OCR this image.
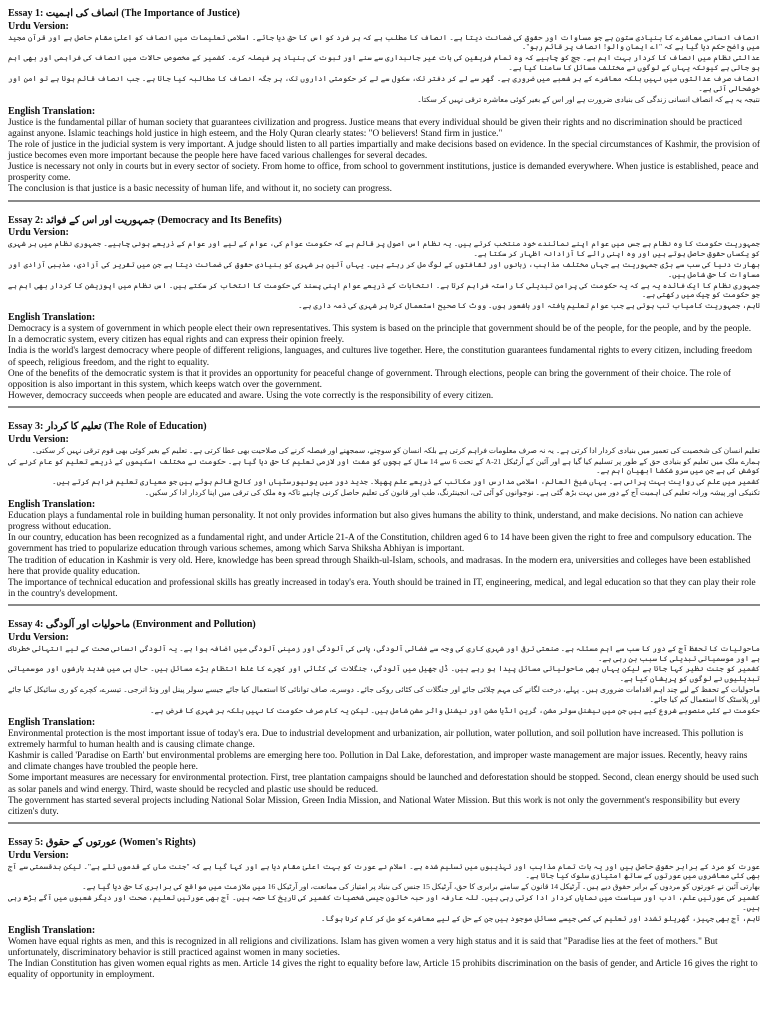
Essay 1: انصاف کی اہمیت (The Importance of Justice)
Urdu Version:

انصاف انسانی معاشرے کا بنیادی ستون ہے جو مساوات اور حقوق کی ضمانت دیتا ہے۔ انصاف کا مطلب ہے کہ ہر فرد کو اس کا حق دیا جائے۔ اسلامی تعلیمات میں انصاف کو اعلیٰ مقام حاصل ہے اور قرآن مجید میں واضح حکم دیا گیا ہے کہ "اے ایمان والو! انصاف پر قائم رہو"۔

عدالتی نظام میں انصاف کا کردار بہت اہم ہے۔ جج کو چاہیے کہ وہ تمام فریقین کی بات غیر جانبداری سے سنے اور ثبوت کی بنیاد پر فیصلہ کرے۔ کشمیر کے مخصوص حالات میں انصاف کی فراہمی اور بھی اہم ہو جاتی ہے کیونکہ یہاں کے لوگوں نے مختلف مسائل کا سامنا کیا ہے۔

انصاف صرف عدالتوں میں نہیں بلکہ معاشرے کے ہر شعبے میں ضروری ہے۔ گھر سے لے کر دفتر تک، سکول سے لے کر حکومتی اداروں تک، ہر جگہ انصاف کا مطالبہ کیا جاتا ہے۔ جب انصاف قائم ہوتا ہے تو امن اور خوشحالی آتی ہے۔

نتیجہ یہ ہے کہ انصاف انسانی زندگی کی بنیادی ضرورت ہے اور اس کے بغیر کوئی معاشرہ ترقی نہیں کر سکتا۔

English Translation:

Justice is the fundamental pillar of human society that guarantees civilization and progress. Justice means that every individual should be given their rights and no discrimination should be practiced against anyone. Islamic teachings hold justice in high esteem, and the Holy Quran clearly states: "O believers! Stand firm in justice."

The role of justice in the judicial system is very important. A judge should listen to all parties impartially and make decisions based on evidence. In the special circumstances of Kashmir, the provision of justice becomes even more important because the people here have faced various challenges for several decades.

Justice is necessary not only in courts but in every sector of society. From home to office, from school to government institutions, justice is demanded everywhere. When justice is established, peace and prosperity come.

The conclusion is that justice is a basic necessity of human life, and without it, no society can progress.

Essay 2: جمہوریت اور اس کے فوائد (Democracy and Its Benefits)
Urdu Version:

جمہوریت حکومت کا وہ نظام ہے جس میں عوام اپنے نمائندے خود منتخب کرتے ہیں۔ یہ نظام اس اصول پر قائم ہے کہ حکومت عوام کی، عوام کے لیے اور عوام کے ذریعے ہونی چاہیے۔ جمہوری نظام میں ہر شہری کو یکساں حقوق حاصل ہوتے ہیں اور وہ اپنی رائے کا آزادانہ اظہار کر سکتا ہے۔

بھارت دنیا کی سب سے بڑی جمہوریت ہے جہاں مختلف مذاہب، زبانوں اور ثقافتوں کے لوگ مل کر رہتے ہیں۔ یہاں آئین ہر شہری کو بنیادی حقوق کی ضمانت دیتا ہے جن میں تقریر کی آزادی، مذہبی آزادی اور مساوات کا حق شامل ہیں۔

جمہوری نظام کا ایک فائدہ یہ ہے کہ یہ حکومت کی پرامن تبدیلی کا راستہ فراہم کرتا ہے۔ انتخابات کے ذریعے عوام اپنی پسند کی حکومت کا انتخاب کر سکتے ہیں۔ اس نظام میں اپوزیشن کا کردار بھی اہم ہے جو حکومت کو چیک میں رکھتی ہے۔

تاہم، جمہوریت کامیاب تب ہوتی ہے جب عوام تعلیم یافتہ اور باشعور ہوں۔ ووٹ کا صحیح استعمال کرنا ہر شہری کی ذمہ داری ہے۔

English Translation:

Democracy is a system of government in which people elect their own representatives. This system is based on the principle that government should be of the people, for the people, and by the people. In a democratic system, every citizen has equal rights and can express their opinion freely.

India is the world's largest democracy where people of different religions, languages, and cultures live together. Here, the constitution guarantees fundamental rights to every citizen, including freedom of speech, religious freedom, and the right to equality.

One of the benefits of the democratic system is that it provides an opportunity for peaceful change of government. Through elections, people can bring the government of their choice. The role of opposition is also important in this system, which keeps watch over the government.

However, democracy succeeds when people are educated and aware. Using the vote correctly is the responsibility of every citizen.

Essay 3: تعلیم کا کردار (The Role of Education)
Urdu Version:

تعلیم انسان کی شخصیت کی تعمیر میں بنیادی کردار ادا کرتی ہے۔ یہ نہ صرف معلومات فراہم کرتی ہے بلکہ انسان کو سوچنے، سمجھنے اور فیصلہ کرنے کی صلاحیت بھی عطا کرتی ہے۔ تعلیم کے بغیر کوئی بھی قوم ترقی نہیں کر سکتی۔

ہمارے ملک میں تعلیم کو بنیادی حق کے طور پر تسلیم کیا گیا ہے اور آئین کے آرٹیکل 21-A کے تحت 6 سے 14 سال کے بچوں کو مفت اور لازمی تعلیم کا حق دیا گیا ہے۔ حکومت نے مختلف اسکیموں کے ذریعے تعلیم کو عام کرنے کی کوشش کی ہے جن میں سرو شکشا ابھیان اہم ہے۔

کشمیر میں علم کی روایت بہت پرانی ہے۔ یہاں شیخ العالم، اسلامی مدارس اور مکاتب کے ذریعے علم پھیلا۔ جدید دور میں یونیورسٹیاں اور کالج قائم ہوئے ہیں جو معیاری تعلیم فراہم کرتے ہیں۔

تکنیکی اور پیشہ ورانہ تعلیم کی اہمیت آج کے دور میں بہت بڑھ گئی ہے۔ نوجوانوں کو آئی ٹی، انجینئرنگ، طب اور قانون کی تعلیم حاصل کرنی چاہیے تاکہ وہ ملک کی ترقی میں اپنا کردار ادا کر سکیں۔

English Translation:

Education plays a fundamental role in building human personality. It not only provides information but also gives humans the ability to think, understand, and make decisions. No nation can achieve progress without education.

In our country, education has been recognized as a fundamental right, and under Article 21-A of the Constitution, children aged 6 to 14 have been given the right to free and compulsory education. The government has tried to popularize education through various schemes, among which Sarva Shiksha Abhiyan is important.

The tradition of education in Kashmir is very old. Here, knowledge has been spread through Shaikh-ul-Islam, schools, and madrasas. In the modern era, universities and colleges have been established here that provide quality education.

The importance of technical education and professional skills has greatly increased in today's era. Youth should be trained in IT, engineering, medical, and legal education so that they can play their role in the country's development.

Essay 4: ماحولیات اور آلودگی (Environment and Pollution)
Urdu Version:

ماحولیات کا تحفظ آج کے دور کا سب سے اہم مسئلہ ہے۔ صنعتی ترقی اور شہری کاری کی وجہ سے فضائی آلودگی، پانی کی آلودگی اور زمینی آلودگی میں اضافہ ہوا ہے۔ یہ آلودگی انسانی صحت کے لیے انتہائی خطرناک ہے اور موسمیاتی تبدیلی کا سبب بن رہی ہے۔

کشمیر کو جنت نظیر کہا جاتا ہے لیکن یہاں بھی ماحولیاتی مسائل پیدا ہو رہے ہیں۔ ڈل جھیل میں آلودگی، جنگلات کی کٹائی اور کچرے کا غلط انتظام بڑے مسائل ہیں۔ حال ہی میں شدید بارشوں اور موسمیاتی تبدیلیوں نے لوگوں کو پریشان کیا ہے۔

ماحولیات کے تحفظ کے لیے چند اہم اقدامات ضروری ہیں۔ پہلے، درخت لگانے کی مہم چلائی جائے اور جنگلات کی کٹائی روکی جائے۔ دوسرے، صاف توانائی کا استعمال کیا جائے جیسے سولر پینل اور ونڈ انرجی۔ تیسرے، کچرے کو ری سائیکل کیا جائے اور پلاسٹک کا استعمال کم کیا جائے۔

حکومت نے کئی منصوبے شروع کیے ہیں جن میں نیشنل سولر مشن، گرین انڈیا مشن اور نیشنل واٹر مشن شامل ہیں۔ لیکن یہ کام صرف حکومت کا نہیں بلکہ ہر شہری کا فرض ہے۔

English Translation:

Environmental protection is the most important issue of today's era. Due to industrial development and urbanization, air pollution, water pollution, and soil pollution have increased. This pollution is extremely harmful to human health and is causing climate change.

Kashmir is called 'Paradise on Earth' but environmental problems are emerging here too. Pollution in Dal Lake, deforestation, and improper waste management are major issues. Recently, heavy rains and climate changes have troubled the people here.

Some important measures are necessary for environmental protection. First, tree plantation campaigns should be launched and deforestation should be stopped. Second, clean energy should be used such as solar panels and wind energy. Third, waste should be recycled and plastic use should be reduced.

The government has started several projects including National Solar Mission, Green India Mission, and National Water Mission. But this work is not only the government's responsibility but every citizen's duty.

Essay 5: عورتوں کے حقوق (Women's Rights)
Urdu Version:

عورت کو مرد کے برابر حقوق حاصل ہیں اور یہ بات تمام مذاہب اور تہذیبوں میں تسلیم شدہ ہے۔ اسلام نے عورت کو بہت اعلیٰ مقام دیا ہے اور کہا گیا ہے کہ "جنت ماں کے قدموں تلے ہے"۔ لیکن بدقسمتی سے آج بھی کئی معاشروں میں عورتوں کے ساتھ امتیازی سلوک کیا جاتا ہے۔

بھارتی آئین نے عورتوں کو مردوں کے برابر حقوق دیے ہیں۔ آرٹیکل 14 قانون کے سامنے برابری کا حق، آرٹیکل 15 جنس کی بنیاد پر امتیاز کی ممانعت، اور آرٹیکل 16 میں ملازمت میں مواقع کی برابری کا حق دیا گیا ہے۔

کشمیر کی عورتیں علم، ادب اور سیاست میں نمایاں کردار ادا کرتی رہی ہیں۔ للہ عارفہ اور حبہ خاتون جیسی شخصیات کشمیر کی تاریخ کا حصہ ہیں۔ آج بھی عورتیں تعلیم، صحت اور دیگر شعبوں میں آگے بڑھ رہی ہیں۔

تاہم، آج بھی جہیز، گھریلو تشدد اور تعلیم کی کمی جیسے مسائل موجود ہیں جن کے حل کے لیے معاشرے کو مل کر کام کرنا ہوگا۔

English Translation:

Women have equal rights as men, and this is recognized in all religions and civilizations. Islam has given women a very high status and it is said that "Paradise lies at the feet of mothers." But unfortunately, discriminatory behavior is still practiced against women in many societies.

The Indian Constitution has given women equal rights as men. Article 14 gives the right to equality before law, Article 15 prohibits discrimination on the basis of gender, and Article 16 gives the right to equality of opportunity in employment.
